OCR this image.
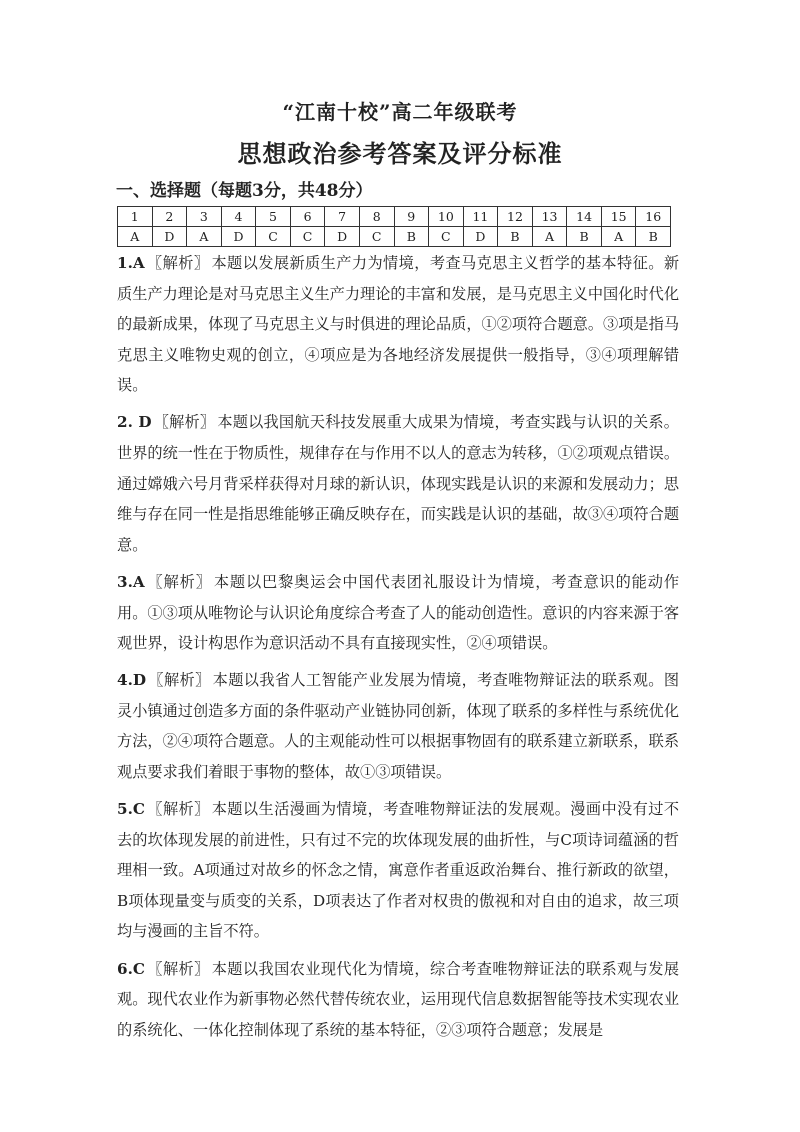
“江南十校”高二年级联考
思想政治参考答案及评分标准
一、选择题（每题3分，共48分）
1	2	3	4	5	6	7	8	9	10	11	12	13	14	15	16
A	D	A	D	C	C	D	C	B	C	D	B	A	B	A	B

1.A 〖解析〗 本题以发展新质生产力为情境，考查马克思主义哲学的基本特征。新质生产力理论是对马克思主义生产力理论的丰富和发展，是马克思主义中国化时代化的最新成果，体现了马克思主义与时俱进的理论品质，①②项符合题意。③项是指马克思主义唯物史观的创立，④项应是为各地经济发展提供一般指导，③④项理解错误。

2. D 〖解析〗 本题以我国航天科技发展重大成果为情境，考查实践与认识的关系。世界的统一性在于物质性，规律存在与作用不以人的意志为转移，①②项观点错误。通过嫦娥六号月背采样获得对月球的新认识，体现实践是认识的来源和发展动力；思维与存在同一性是指思维能够正确反映存在，而实践是认识的基础，故③④项符合题意。

3.A 〖解析〗 本题以巴黎奥运会中国代表团礼服设计为情境，考查意识的能动作用。①③项从唯物论与认识论角度综合考查了人的能动创造性。意识的内容来源于客观世界，设计构思作为意识活动不具有直接现实性，②④项错误。

4.D 〖解析〗 本题以我省人工智能产业发展为情境，考查唯物辩证法的联系观。图灵小镇通过创造多方面的条件驱动产业链协同创新，体现了联系的多样性与系统优化方法，②④项符合题意。人的主观能动性可以根据事物固有的联系建立新联系，联系观点要求我们着眼于事物的整体，故①③项错误。

5.C 〖解析〗 本题以生活漫画为情境，考查唯物辩证法的发展观。漫画中没有过不去的坎体现发展的前进性，只有过不完的坎体现发展的曲折性，与C项诗词蕴涵的哲理相一致。A项通过对故乡的怀念之情，寓意作者重返政治舞台、推行新政的欲望，B项体现量变与质变的关系，D项表达了作者对权贵的傲视和对自由的追求，故三项均与漫画的主旨不符。

6.C 〖解析〗 本题以我国农业现代化为情境，综合考查唯物辩证法的联系观与发展观。现代农业作为新事物必然代替传统农业，运用现代信息数据智能等技术实现农业的系统化、一体化控制体现了系统的基本特征，②③项符合题意；发展是
